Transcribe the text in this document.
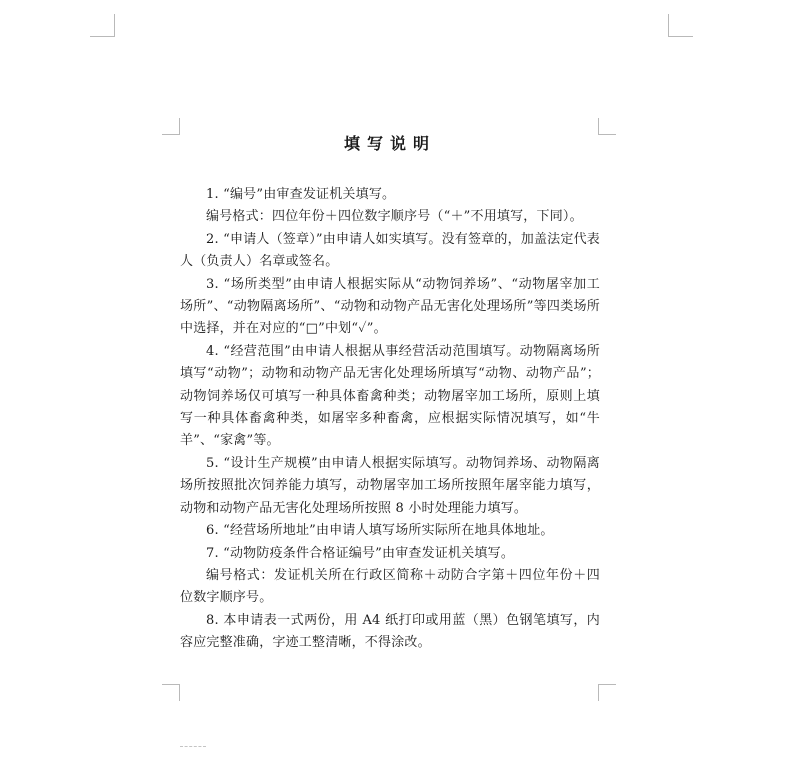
填写说明

1. “编号”由审查发证机关填写。

编号格式：四位年份＋四位数字顺序号（“＋”不用填写，下同）。

2. “申请人（签章）”由申请人如实填写。没有签章的，加盖法定代表人（负责人）名章或签名。

3. “场所类型”由申请人根据实际从“动物饲养场”、“动物屠宰加工场所”、“动物隔离场所”、“动物和动物产品无害化处理场所”等四类场所中选择，并在对应的“□”中划“✓”。

4. “经营范围”由申请人根据从事经营活动范围填写。动物隔离场所填写“动物”；动物和动物产品无害化处理场所填写“动物、动物产品”；动物饲养场仅可填写一种具体畜禽种类；动物屠宰加工场所，原则上填写一种具体畜禽种类，如屠宰多种畜禽，应根据实际情况填写，如“牛羊”、“家禽”等。

5. “设计生产规模”由申请人根据实际填写。动物饲养场、动物隔离场所按照批次饲养能力填写，动物屠宰加工场所按照年屠宰能力填写，动物和动物产品无害化处理场所按照 8 小时处理能力填写。

6. “经营场所地址”由申请人填写场所实际所在地具体地址。

7. “动物防疫条件合格证编号”由审查发证机关填写。

编号格式：发证机关所在行政区简称＋动防合字第＋四位年份＋四位数字顺序号。

8. 本申请表一式两份，用 A4 纸打印或用蓝（黑）色钢笔填写，内容应完整准确，字迹工整清晰，不得涂改。
